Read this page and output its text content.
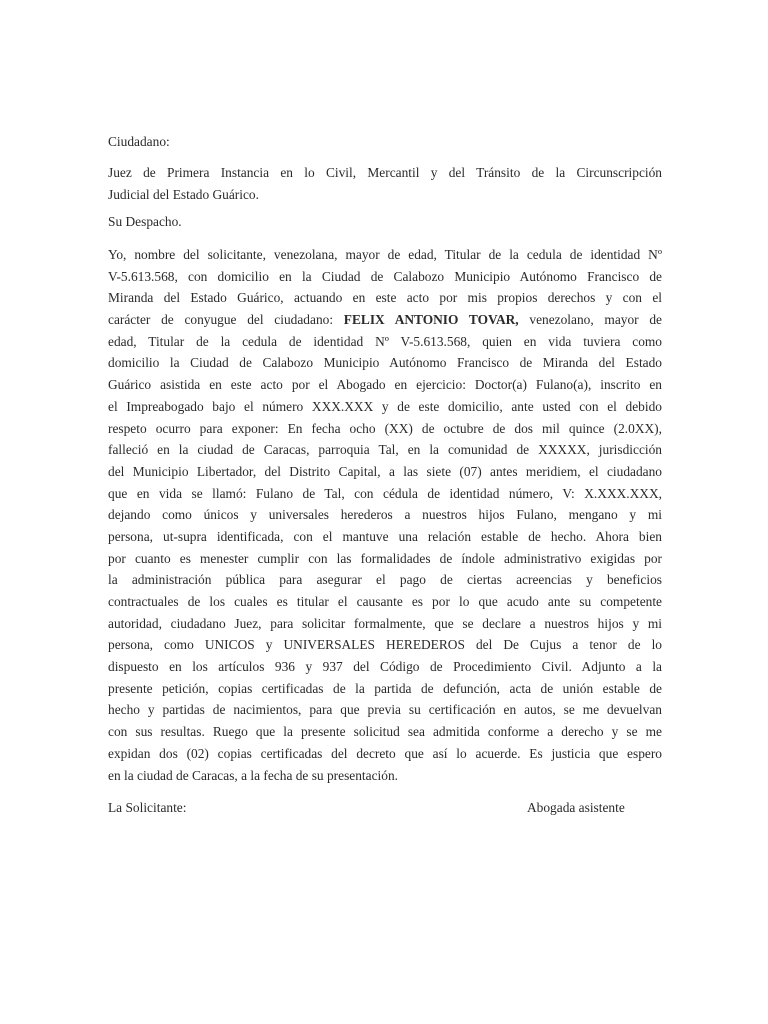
Ciudadano:
Juez de Primera Instancia en lo Civil, Mercantil y del Tránsito de la Circunscripción
Judicial del Estado Guárico.
Su Despacho.
Yo, nombre del solicitante, venezolana, mayor de edad, Titular de la cedula de identidad Nº
V-5.613.568, con domicilio en la Ciudad de Calabozo Municipio Autónomo Francisco de
Miranda del Estado Guárico, actuando en este acto por mis propios derechos y con el
carácter de conyugue del ciudadano: FELIX ANTONIO TOVAR, venezolano, mayor de
edad, Titular de la cedula de identidad Nº V-5.613.568, quien en vida tuviera como
domicilio la Ciudad de Calabozo Municipio Autónomo Francisco de Miranda del Estado
Guárico asistida en este acto por el Abogado en ejercicio: Doctor(a) Fulano(a), inscrito en
el Impreabogado bajo el número XXX.XXX y de este domicilio, ante usted con el debido
respeto ocurro para exponer: En fecha ocho (XX) de octubre de dos mil quince (2.0XX),
falleció en la ciudad de Caracas, parroquia Tal, en la comunidad de XXXXX, jurisdicción
del Municipio Libertador, del Distrito Capital, a las siete (07) antes meridiem, el ciudadano
que en vida se llamó: Fulano de Tal, con cédula de identidad número, V: X.XXX.XXX,
dejando como únicos y universales herederos a nuestros hijos Fulano, mengano y mi
persona, ut-supra identificada, con el mantuve una relación estable de hecho. Ahora bien
por cuanto es menester cumplir con las formalidades de índole administrativo exigidas por
la administración pública para asegurar el pago de ciertas acreencias y beneficios
contractuales de los cuales es titular el causante es por lo que acudo ante su competente
autoridad, ciudadano Juez, para solicitar formalmente, que se declare a nuestros hijos y mi
persona, como UNICOS y UNIVERSALES HEREDEROS del De Cujus a tenor de lo
dispuesto en los artículos 936 y 937 del Código de Procedimiento Civil. Adjunto a la
presente petición, copias certificadas de la partida de defunción, acta de unión estable de
hecho y partidas de nacimientos, para que previa su certificación en autos, se me devuelvan
con sus resultas. Ruego que la presente solicitud sea admitida conforme a derecho y se me
expidan dos (02) copias certificadas del decreto que así lo acuerde. Es justicia que espero
en la ciudad de Caracas, a la fecha de su presentación.
La Solicitante:	Abogada asistente
